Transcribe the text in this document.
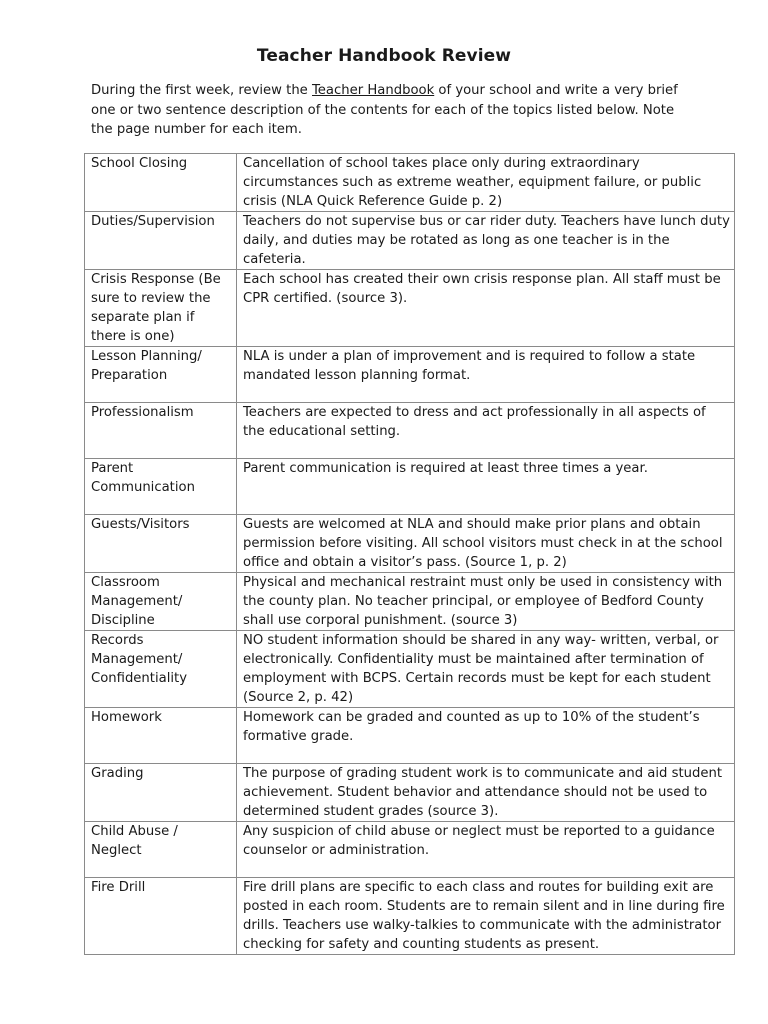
Teacher Handbook Review
During the first week, review the Teacher Handbook of your school and write a very brief one or two sentence description of the contents for each of the topics listed below. Note the page number for each item.
School Closing	Cancellation of school takes place only during extraordinary circumstances such as extreme weather, equipment failure, or public crisis (NLA Quick Reference Guide p. 2)
Duties/Supervision	Teachers do not supervise bus or car rider duty. Teachers have lunch duty daily, and duties may be rotated as long as one teacher is in the cafeteria.
Crisis Response (Be sure to review the separate plan if there is one)	Each school has created their own crisis response plan. All staff must be CPR certified. (source 3).
Lesson Planning/ Preparation	NLA is under a plan of improvement and is required to follow a state mandated lesson planning format.
Professionalism	Teachers are expected to dress and act professionally in all aspects of the educational setting.
Parent Communication	Parent communication is required at least three times a year.
Guests/Visitors	Guests are welcomed at NLA and should make prior plans and obtain permission before visiting. All school visitors must check in at the school office and obtain a visitor’s pass. (Source 1, p. 2)
Classroom Management/ Discipline	Physical and mechanical restraint must only be used in consistency with the county plan. No teacher principal, or employee of Bedford County shall use corporal punishment. (source 3)
Records Management/ Confidentiality	NO student information should be shared in any way- written, verbal, or electronically. Confidentiality must be maintained after termination of employment with BCPS. Certain records must be kept for each student (Source 2, p. 42)
Homework	Homework can be graded and counted as up to 10% of the student’s formative grade.
Grading	The purpose of grading student work is to communicate and aid student achievement. Student behavior and attendance should not be used to determined student grades (source 3).
Child Abuse / Neglect	Any suspicion of child abuse or neglect must be reported to a guidance counselor or administration.
Fire Drill	Fire drill plans are specific to each class and routes for building exit are posted in each room. Students are to remain silent and in line during fire drills. Teachers use walky-talkies to communicate with the administrator checking for safety and counting students as present.
